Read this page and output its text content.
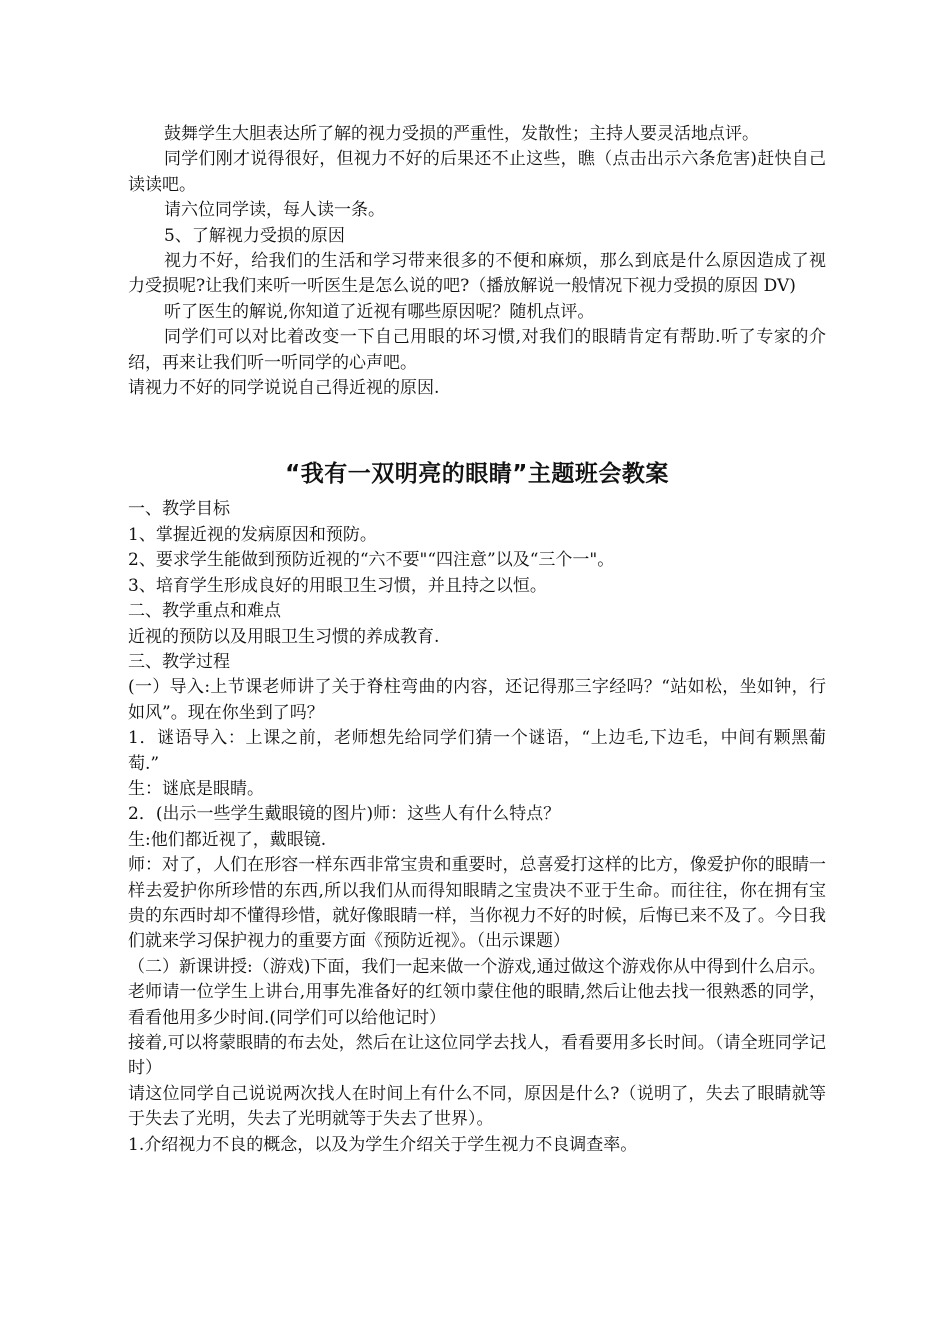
鼓舞学生大胆表达所了解的视力受损的严重性，发散性；主持人要灵活地点评。

同学们刚才说得很好，但视力不好的后果还不止这些，瞧（点击出示六条危害)赶快自己读读吧。

请六位同学读，每人读一条。

5、了解视力受损的原因

视力不好，给我们的生活和学习带来很多的不便和麻烦，那么到底是什么原因造成了视力受损呢?让我们来听一听医生是怎么说的吧?（播放解说一般情况下视力受损的原因 DV)

听了医生的解说,你知道了近视有哪些原因呢？随机点评。

同学们可以对比着改变一下自己用眼的坏习惯,对我们的眼睛肯定有帮助.听了专家的介绍，再来让我们听一听同学的心声吧。

请视力不好的同学说说自己得近视的原因.

“我有一双明亮的眼睛”主题班会教案

一、教学目标

1、掌握近视的发病原因和预防。

2、要求学生能做到预防近视的“六不要"“四注意”以及“三个一"。

3、培育学生形成良好的用眼卫生习惯，并且持之以恒。

二、教学重点和难点

近视的预防以及用眼卫生习惯的养成教育.

三、教学过程

(一）导入:上节课老师讲了关于脊柱弯曲的内容，还记得那三字经吗？“站如松，坐如钟，行如风”。现在你坐到了吗？

1．谜语导入：上课之前，老师想先给同学们猜一个谜语，“上边毛,下边毛，中间有颗黑葡萄.”

生：谜底是眼睛。

2．(出示一些学生戴眼镜的图片)师：这些人有什么特点？

生:他们都近视了，戴眼镜.

师：对了，人们在形容一样东西非常宝贵和重要时，总喜爱打这样的比方，像爱护你的眼睛一样去爱护你所珍惜的东西,所以我们从而得知眼睛之宝贵决不亚于生命。而往往，你在拥有宝贵的东西时却不懂得珍惜，就好像眼睛一样，当你视力不好的时候，后悔已来不及了。今日我们就来学习保护视力的重要方面《预防近视》。（出示课题）

（二）新课讲授:（游戏)下面，我们一起来做一个游戏,通过做这个游戏你从中得到什么启示。

老师请一位学生上讲台,用事先准备好的红领巾蒙住他的眼睛,然后让他去找一很熟悉的同学，看看他用多少时间.(同学们可以给他记时）

接着,可以将蒙眼睛的布去处，然后在让这位同学去找人，看看要用多长时间。（请全班同学记时）

请这位同学自己说说两次找人在时间上有什么不同，原因是什么?（说明了，失去了眼睛就等于失去了光明，失去了光明就等于失去了世界）。

1.介绍视力不良的概念，以及为学生介绍关于学生视力不良调查率。
